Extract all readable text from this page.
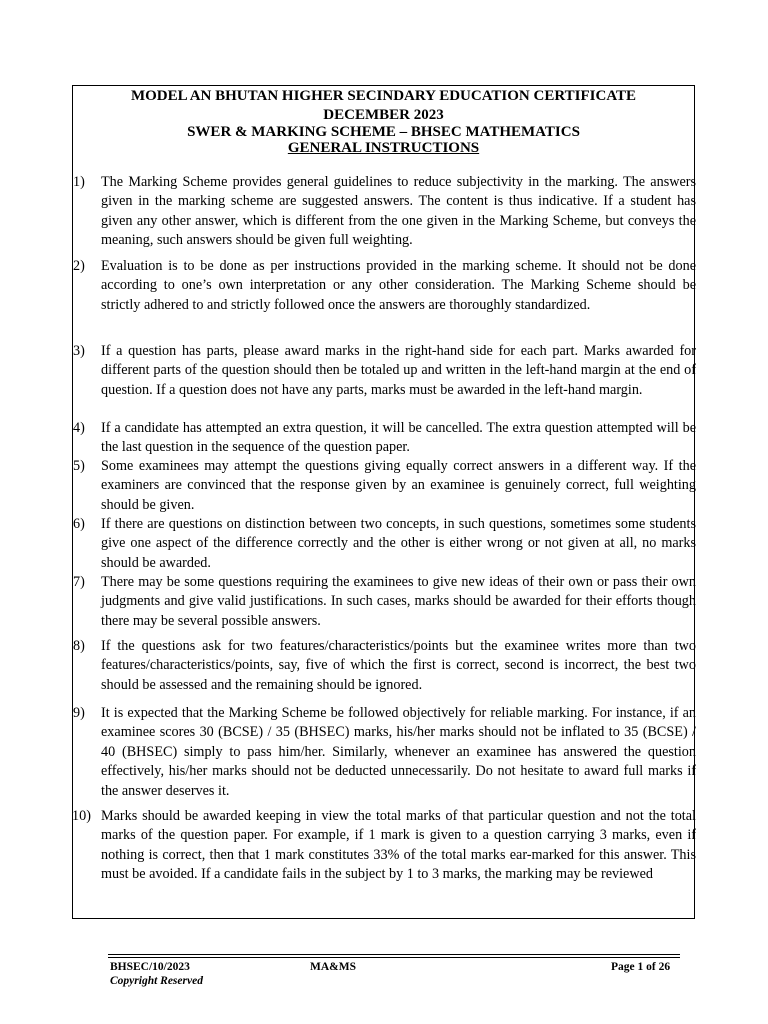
MODEL AN BHUTAN HIGHER SECINDARY EDUCATION CERTIFICATE
DECEMBER 2023
SWER & MARKING SCHEME – BHSEC MATHEMATICS
GENERAL INSTRUCTIONS
1) The Marking Scheme provides general guidelines to reduce subjectivity in the marking. The answers given in the marking scheme are suggested answers. The content is thus indicative. If a student has given any other answer, which is different from the one given in the Marking Scheme, but conveys the meaning, such answers should be given full weighting.
2) Evaluation is to be done as per instructions provided in the marking scheme. It should not be done according to one’s own interpretation or any other consideration. The Marking Scheme should be strictly adhered to and strictly followed once the answers are thoroughly standardized.
3) If a question has parts, please award marks in the right-hand side for each part. Marks awarded for different parts of the question should then be totaled up and written in the left-hand margin at the end of question. If a question does not have any parts, marks must be awarded in the left-hand margin.
4) If a candidate has attempted an extra question, it will be cancelled. The extra question attempted will be the last question in the sequence of the question paper.
5) Some examinees may attempt the questions giving equally correct answers in a different way. If the examiners are convinced that the response given by an examinee is genuinely correct, full weighting should be given.
6) If there are questions on distinction between two concepts, in such questions, sometimes some students give one aspect of the difference correctly and the other is either wrong or not given at all, no marks should be awarded.
7) There may be some questions requiring the examinees to give new ideas of their own or pass their own judgments and give valid justifications. In such cases, marks should be awarded for their efforts though there may be several possible answers.
8) If the questions ask for two features/characteristics/points but the examinee writes more than two features/characteristics/points, say, five of which the first is correct, second is incorrect, the best two should be assessed and the remaining should be ignored.
9) It is expected that the Marking Scheme be followed objectively for reliable marking. For instance, if an examinee scores 30 (BCSE) / 35 (BHSEC) marks, his/her marks should not be inflated to 35 (BCSE) / 40 (BHSEC) simply to pass him/her. Similarly, whenever an examinee has answered the question effectively, his/her marks should not be deducted unnecessarily. Do not hesitate to award full marks if the answer deserves it.
10) Marks should be awarded keeping in view the total marks of that particular question and not the total marks of the question paper. For example, if 1 mark is given to a question carrying 3 marks, even if nothing is correct, then that 1 mark constitutes 33% of the total marks ear-marked for this answer. This must be avoided. If a candidate fails in the subject by 1 to 3 marks, the marking may be reviewed
BHSEC/10/2023
Copyright Reserved
MA&MS	Page 1 of 26
